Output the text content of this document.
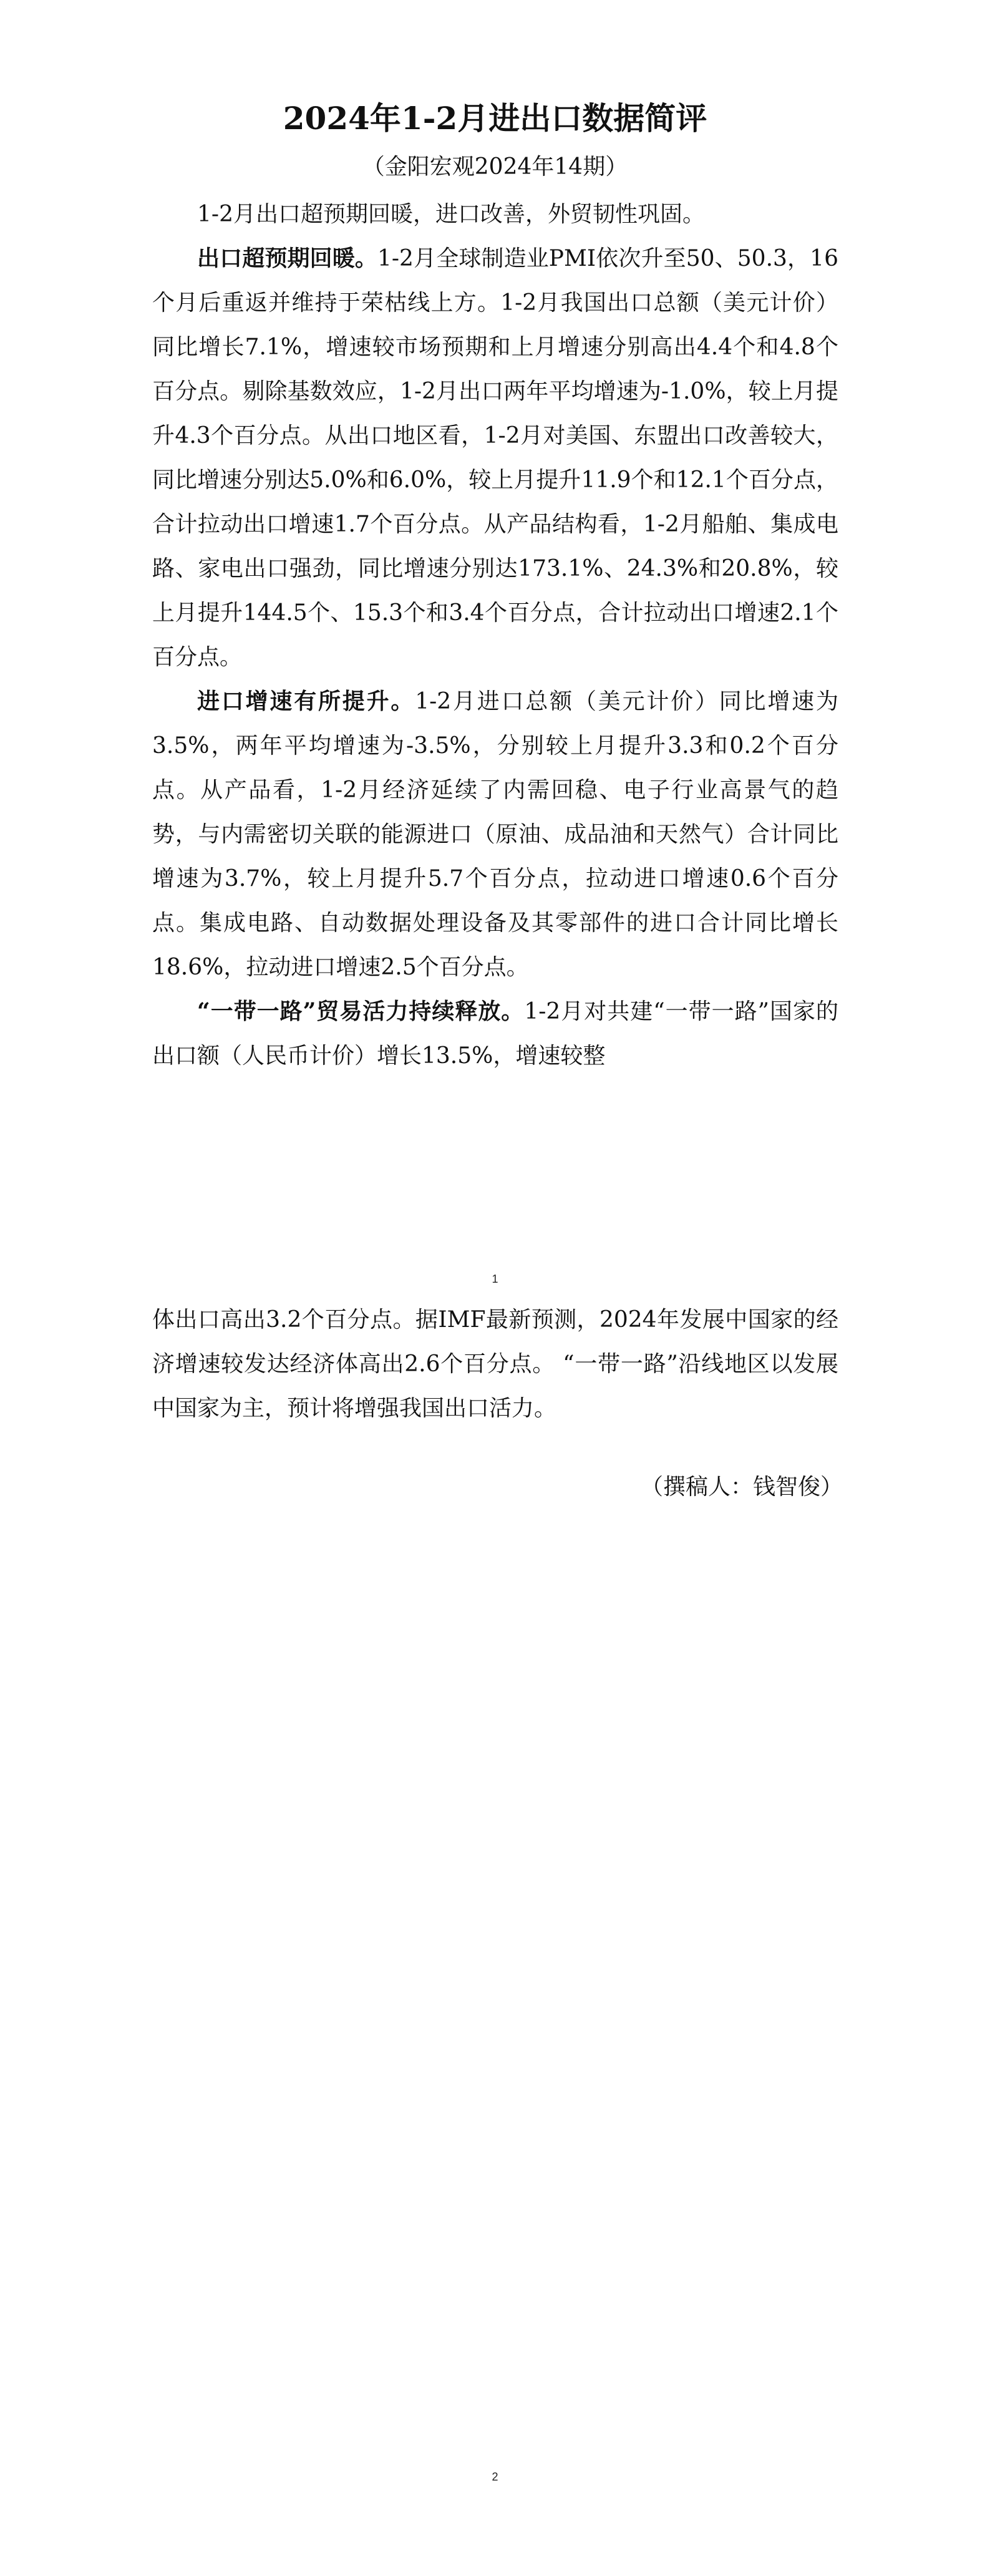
2024年1-2月进出口数据简评
（金阳宏观2024年14期）

1-2月出口超预期回暖，进口改善，外贸韧性巩固。

出口超预期回暖。1-2月全球制造业PMI依次升至50、50.3，16个月后重返并维持于荣枯线上方。1-2月我国出口总额（美元计价）同比增长7.1%，增速较市场预期和上月增速分别高出4.4个和4.8个百分点。剔除基数效应，1-2月出口两年平均增速为-1.0%，较上月提升4.3个百分点。从出口地区看，1-2月对美国、东盟出口改善较大，同比增速分别达5.0%和6.0%，较上月提升11.9个和12.1个百分点，合计拉动出口增速1.7个百分点。从产品结构看，1-2月船舶、集成电路、家电出口强劲，同比增速分别达173.1%、24.3%和20.8%，较上月提升144.5个、15.3个和3.4个百分点，合计拉动出口增速2.1个百分点。

进口增速有所提升。1-2月进口总额（美元计价）同比增速为3.5%，两年平均增速为-3.5%，分别较上月提升3.3和0.2个百分点。从产品看，1-2月经济延续了内需回稳、电子行业高景气的趋势，与内需密切关联的能源进口（原油、成品油和天然气）合计同比增速为3.7%，较上月提升5.7个百分点，拉动进口增速0.6个百分点。集成电路、自动数据处理设备及其零部件的进口合计同比增长18.6%，拉动进口增速2.5个百分点。

“一带一路”贸易活力持续释放。1-2月对共建“一带一路”国家的出口额（人民币计价）增长13.5%，增速较整

1

体出口高出3.2个百分点。据IMF最新预测，2024年发展中国家的经济增速较发达经济体高出2.6个百分点。 “一带一路”沿线地区以发展中国家为主，预计将增强我国出口活力。

（撰稿人：钱智俊）
2
